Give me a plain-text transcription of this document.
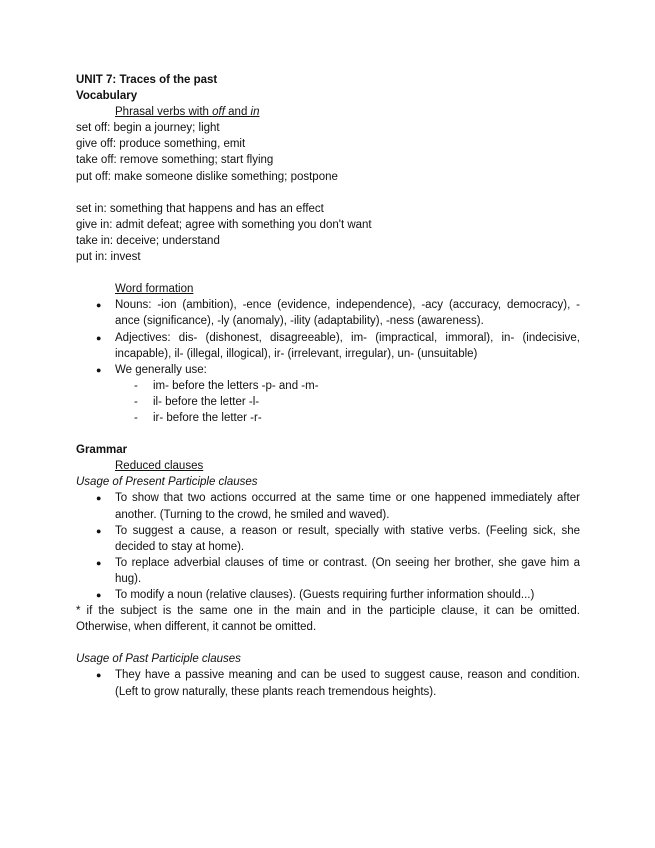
UNIT 7: Traces of the past
Vocabulary
Phrasal verbs with off and in
set off: begin a journey; light
give off: produce something, emit
take off: remove something; start flying
put off: make someone dislike something; postpone
set in: something that happens and has an effect
give in: admit defeat; agree with something you don't want
take in: deceive; understand
put in: invest
Word formation
● Nouns: -ion (ambition), -ence (evidence, independence), -acy (accuracy, democracy), -ance (significance), -ly (anomaly), -ility (adaptability), -ness (awareness).
● Adjectives: dis- (dishonest, disagreeable), im- (impractical, immoral), in- (indecisive, incapable), il- (illegal, illogical), ir- (irrelevant, irregular), un- (unsuitable)
● We generally use:
- im- before the letters -p- and -m-
- il- before the letter -l-
- ir- before the letter -r-
Grammar
Reduced clauses
Usage of Present Participle clauses
● To show that two actions occurred at the same time or one happened immediately after another. (Turning to the crowd, he smiled and waved).
● To suggest a cause, a reason or result, specially with stative verbs. (Feeling sick, she decided to stay at home).
● To replace adverbial clauses of time or contrast. (On seeing her brother, she gave him a hug).
● To modify a noun (relative clauses). (Guests requiring further information should...)
* if the subject is the same one in the main and in the participle clause, it can be omitted. Otherwise, when different, it cannot be omitted.
Usage of Past Participle clauses
● They have a passive meaning and can be used to suggest cause, reason and condition. (Left to grow naturally, these plants reach tremendous heights).
